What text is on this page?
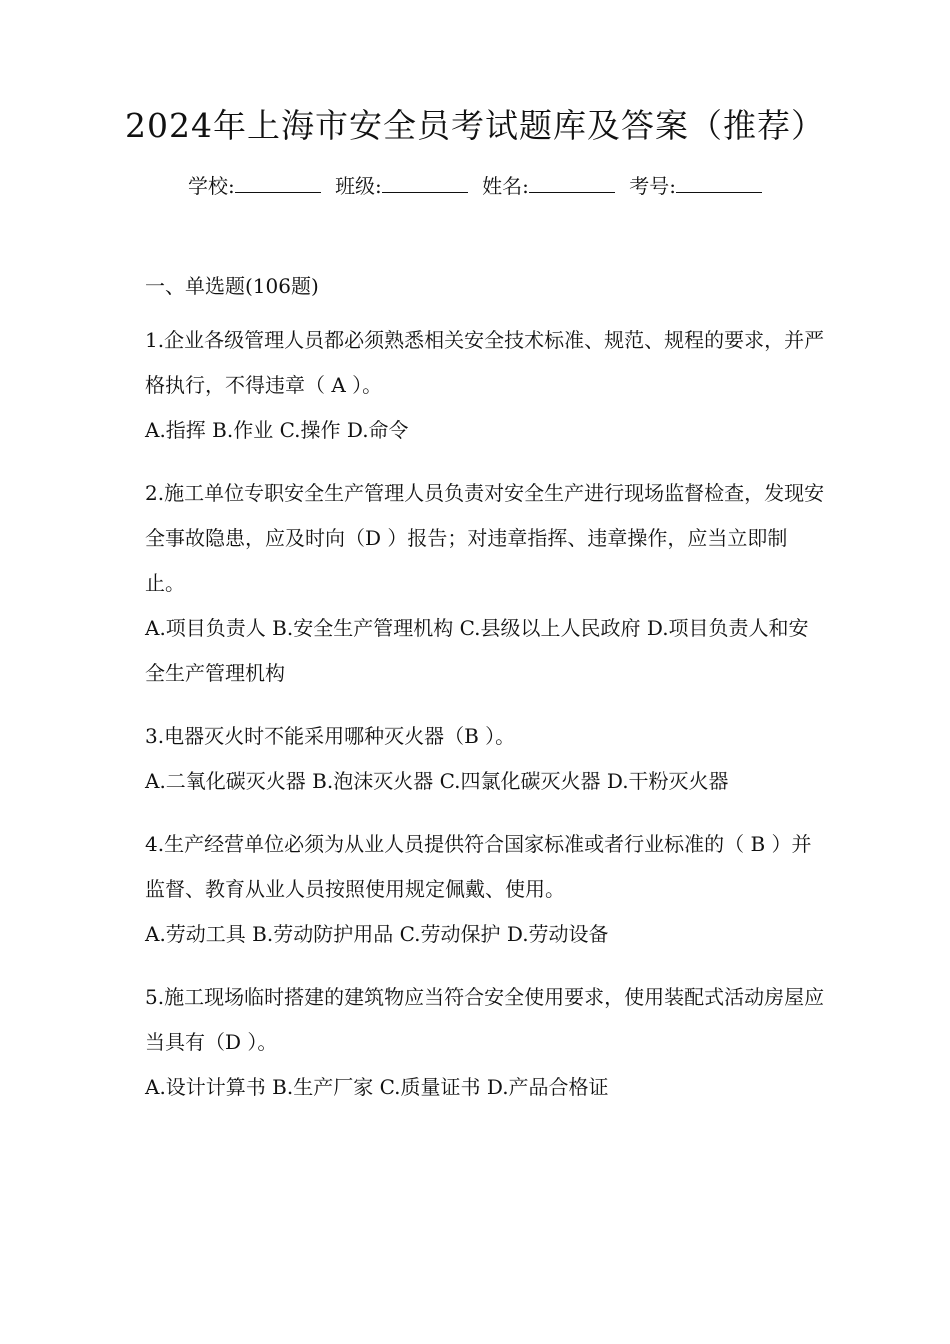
2024年上海市安全员考试题库及答案（推荐）
学校:	班级:	姓名:	考号:
一、单选题(106题)

1.企业各级管理人员都必须熟悉相关安全技术标准、规范、规程的要求，并严格执行，不得违章（ A ）。

A.指挥 B.作业 C.操作 D.命令

2.施工单位专职安全生产管理人员负责对安全生产进行现场监督检查，发现安全事故隐患，应及时向（D ）报告；对违章指挥、违章操作，应当立即制止。

A.项目负责人 B.安全生产管理机构 C.县级以上人民政府 D.项目负责人和安全生产管理机构

3.电器灭火时不能采用哪种灭火器（B ）。

A.二氧化碳灭火器 B.泡沫灭火器 C.四氯化碳灭火器 D.干粉灭火器

4.生产经营单位必须为从业人员提供符合国家标准或者行业标准的（ B ）并监督、教育从业人员按照使用规定佩戴、使用。

A.劳动工具 B.劳动防护用品 C.劳动保护 D.劳动设备

5.施工现场临时搭建的建筑物应当符合安全使用要求，使用装配式活动房屋应当具有（D ）。

A.设计计算书 B.生产厂家 C.质量证书 D.产品合格证
